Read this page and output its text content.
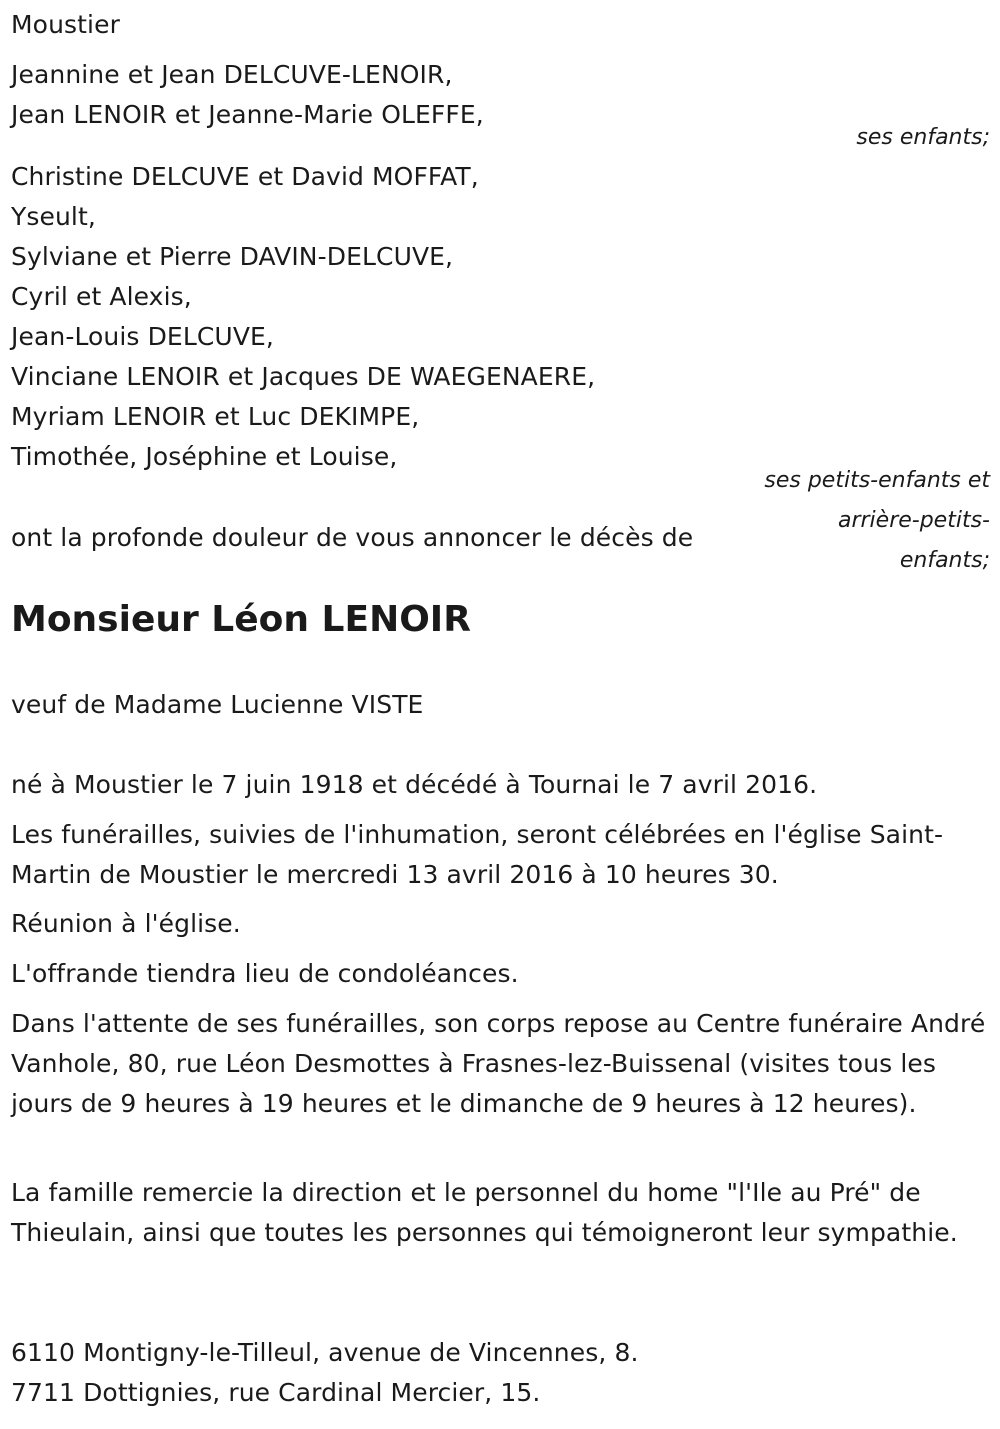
Moustier
Jeannine et Jean DELCUVE-LENOIR,
Jean LENOIR et Jeanne-Marie OLEFFE,
ses enfants;
Christine DELCUVE et David MOFFAT,
Yseult,
Sylviane et Pierre DAVIN-DELCUVE,
Cyril et Alexis,
Jean-Louis DELCUVE,
Vinciane LENOIR et Jacques DE WAEGENAERE,
Myriam LENOIR et Luc DEKIMPE,
Timothée, Joséphine et Louise,
ses petits-enfants et arrière-petits-enfants;
ont la profonde douleur de vous annoncer le décès de
Monsieur Léon LENOIR
veuf de Madame Lucienne VISTE
né à Moustier le 7 juin 1918 et décédé à Tournai le 7 avril 2016.
Les funérailles, suivies de l'inhumation, seront célébrées en l'église Saint-Martin de Moustier le mercredi 13 avril 2016 à 10 heures 30.
Réunion à l'église.
L'offrande tiendra lieu de condoléances.
Dans l'attente de ses funérailles, son corps repose au Centre funéraire André Vanhole, 80, rue Léon Desmottes à Frasnes-lez-Buissenal (visites tous les jours de 9 heures à 19 heures et le dimanche de 9 heures à 12 heures).
La famille remercie la direction et le personnel du home "l'Ile au Pré" de Thieulain, ainsi que toutes les personnes qui témoigneront leur sympathie.
6110 Montigny-le-Tilleul, avenue de Vincennes, 8.
7711 Dottignies, rue Cardinal Mercier, 15.
